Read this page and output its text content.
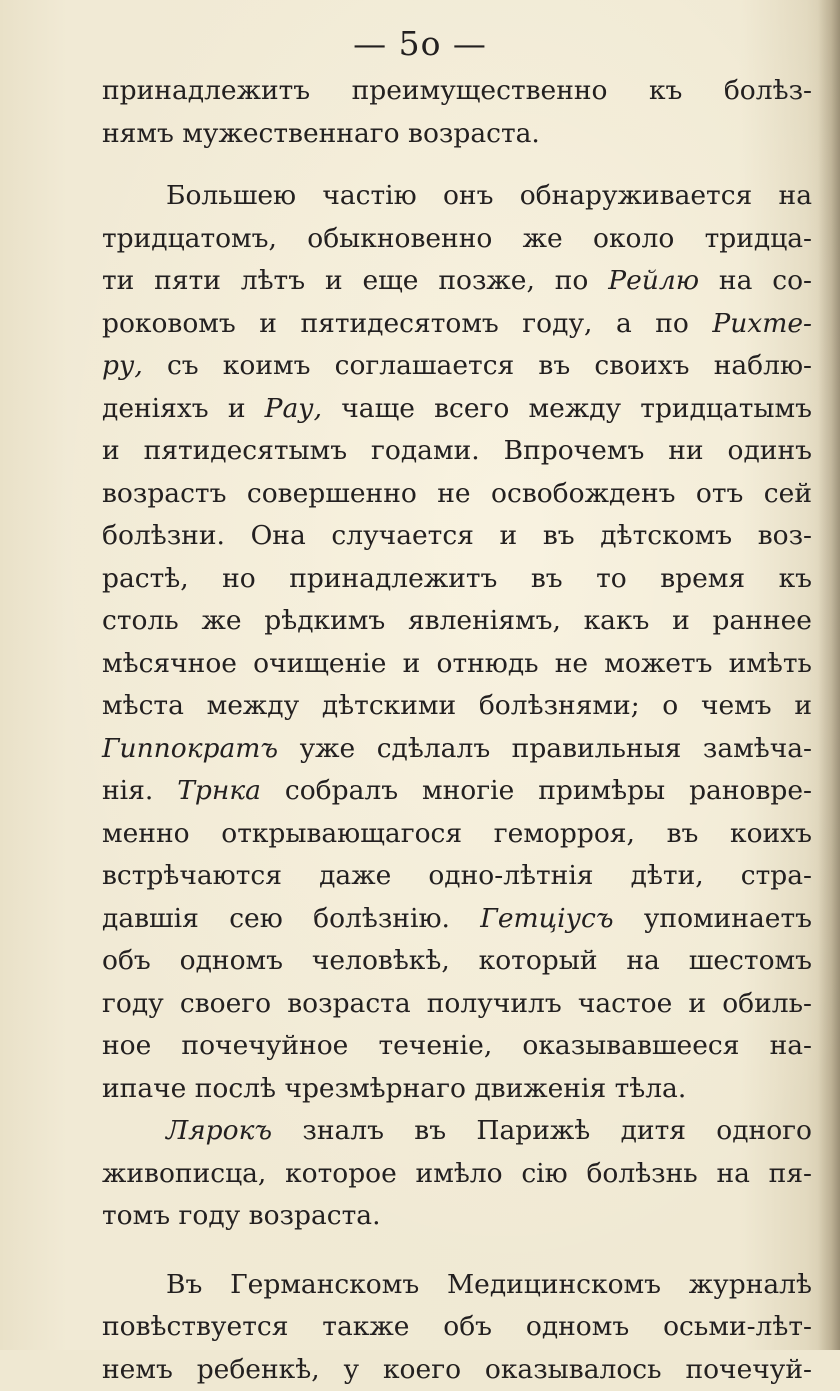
— 5o —
принадлежитъ преимущественно къ болѣз-
нямъ мужественнаго возраста.
Большею частію онъ обнаруживается на
тридцатомъ, обыкновенно же около тридца-
ти пяти лѣтъ и еще позже, по Рейлю на со-
роковомъ и пятидесятомъ году, а по Рихте-
ру, съ коимъ соглашается въ своихъ наблю-
деніяхъ и Рау, чаще всего между тридцатымъ
и пятидесятымъ годами. Впрочемъ ни одинъ
возрастъ совершенно не освобожденъ отъ сей
болѣзни. Она случается и въ дѣтскомъ воз-
растѣ, но принадлежитъ въ то время къ
столь же рѣдкимъ явленіямъ, какъ и раннее
мѣсячное очищеніе и отнюдь не можетъ имѣть
мѣста между дѣтскими болѣзнями; о чемъ и
Гиппократъ уже сдѣлалъ правильныя замѣча-
нія. Трнка собралъ многіе примѣры рановре-
менно открывающагося геморроя, въ коихъ
встрѣчаются даже одно-лѣтнія дѣти, стра-
давшія сею болѣзнію. Гетціусъ упоминаетъ
объ одномъ человѣкѣ, который на шестомъ
году своего возраста получилъ частое и обиль-
ное почечуйное теченіе, оказывавшееся на-
ипаче послѣ чрезмѣрнаго движенія тѣла.
Лярокъ зналъ въ Парижѣ дитя одного
живописца, которое имѣло сію болѣзнь на пя-
томъ году возраста.
Въ Германскомъ Медицинскомъ журналѣ
повѣствуется также объ одномъ осьми-лѣт-
немъ ребенкѣ, у коего оказывалось почечуй-
